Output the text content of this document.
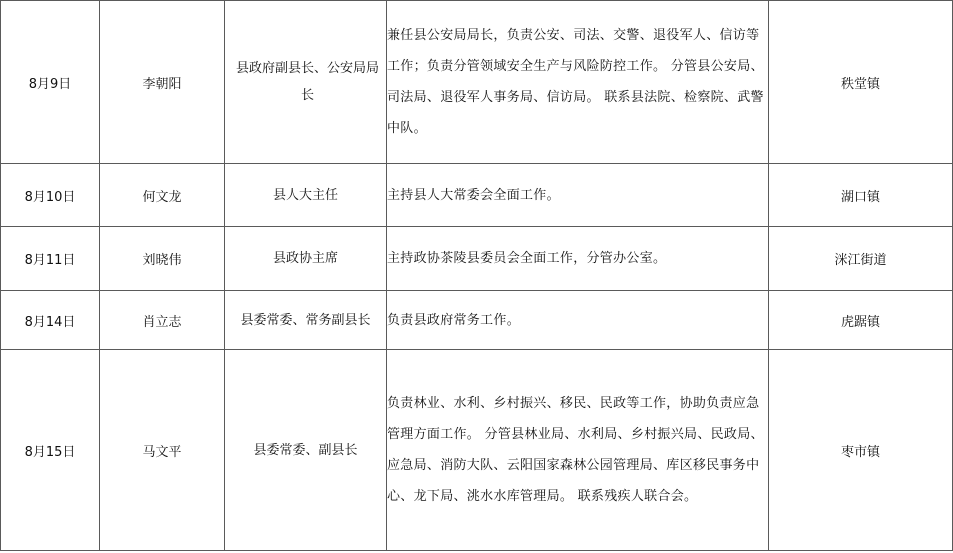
8月9日	李朝阳	县政府副县长、公安局局长	兼任县公安局局长，负责公安、司法、交警、退役军人、信访等工作；负责分管领域安全生产与风险防控工作。 分管县公安局、司法局、退役军人事务局、信访局。 联系县法院、检察院、武警中队。	秩堂镇
8月10日	何文龙	县人大主任	主持县人大常委会全面工作。	湖口镇
8月11日	刘晓伟	县政协主席	主持政协茶陵县委员会全面工作，分管办公室。	洣江街道
8月14日	肖立志	县委常委、常务副县长	负责县政府常务工作。	虎踞镇
8月15日	马文平	县委常委、副县长	负责林业、水利、乡村振兴、移民、民政等工作，协助负责应急管理方面工作。 分管县林业局、水利局、乡村振兴局、民政局、应急局、消防大队、云阳国家森林公园管理局、库区移民事务中心、龙下局、洮水水库管理局。 联系残疾人联合会。	枣市镇
